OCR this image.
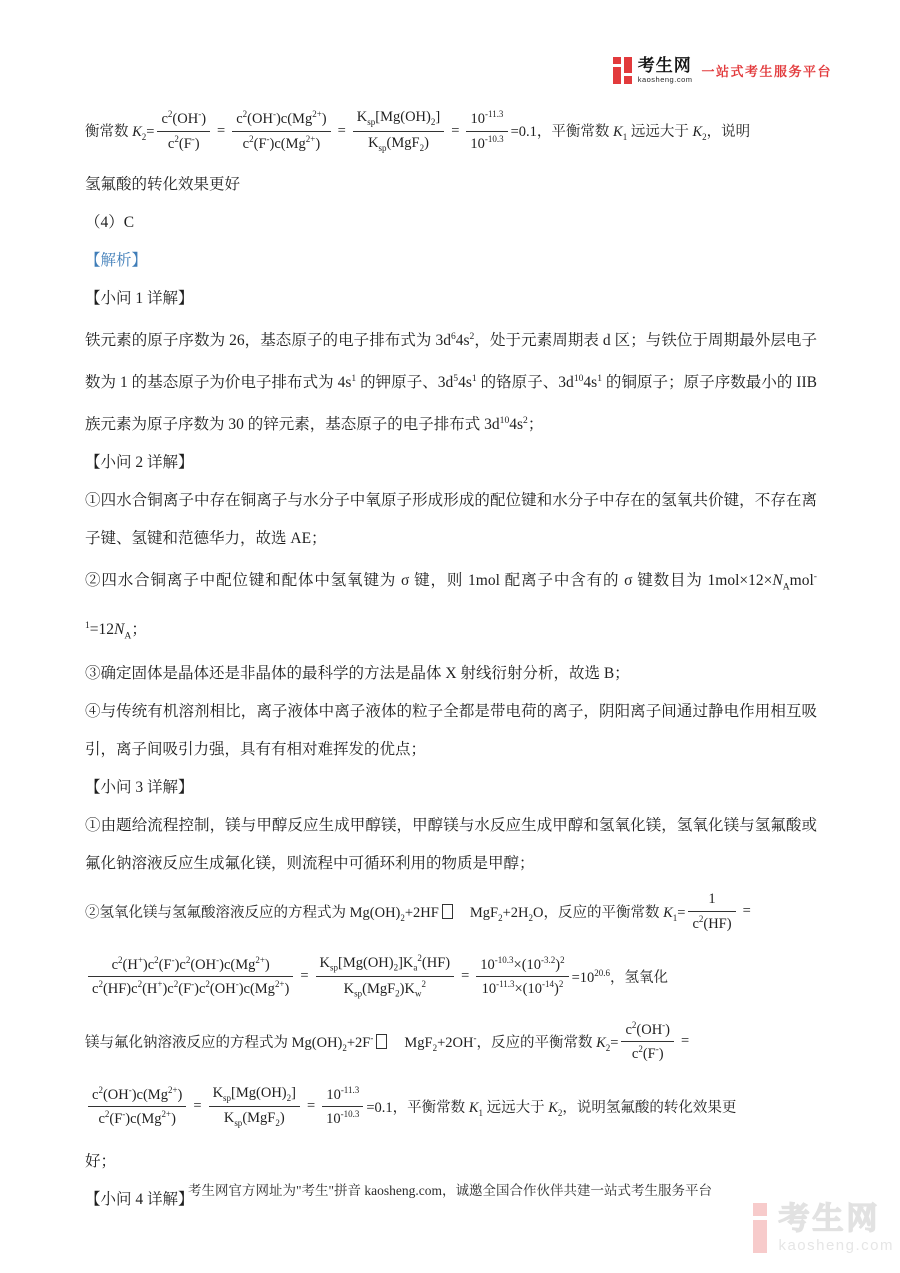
考生网
kaosheng.com
一站式考生服务平台
衡常数 $K_2= \frac{c^2(OH^-)}{c^2(F^-)} = \frac{c^2(OH^-)c(Mg^{2+})}{c^2(F^-)c(Mg^{2+})} = \frac{K_{sp}[Mg(OH)_2]}{K_{sp}(MgF_2)} = \frac{10^{-11.3}}{10^{-10.3}} =0.1$，平衡常数 $K_1$ 远远大于 $K_2$，说明

氢氟酸的转化效果更好

（4）C

【解析】

【小问 1 详解】

铁元素的原子序数为 26，基态原子的电子排布式为 $3d^64s^2$，处于元素周期表 d 区；与铁位于周期最外层电子数为 1 的基态原子为价电子排布式为 $4s^1$ 的钾原子、$3d^54s^1$ 的铬原子、$3d^{10}4s^1$ 的铜原子；原子序数最小的 IIB 族元素为原子序数为 30 的锌元素，基态原子的电子排布式 $3d^{10}4s^2$；

【小问 2 详解】

①四水合铜离子中存在铜离子与水分子中氧原子形成形成的配位键和水分子中存在的氢氧共价键，不存在离子键、氢键和范德华力，故选 AE；

②四水合铜离子中配位键和配体中氢氧键为 σ 键，则 1mol 配离子中含有的 σ 键数目为 $1mol\times 12\times N_Amol^{-1}=12N_A$；

③确定固体是晶体还是非晶体的最科学的方法是晶体 X 射线衍射分析，故选 B；

④与传统有机溶剂相比，离子液体中离子液体的粒子全都是带电荷的离子，阴阳离子间通过静电作用相互吸引，离子间吸引力强，具有有相对难挥发的优点；

【小问 3 详解】

①由题给流程控制，镁与甲醇反应生成甲醇镁，甲醇镁与水反应生成甲醇和氢氧化镁，氢氧化镁与氢氟酸或氟化钠溶液反应生成氟化镁，则流程中可循环利用的物质是甲醇；

②氢氧化镁与氢氟酸溶液反应的方程式为 $Mg(OH)_2+2HF$ $MgF_2+2H_2O$，反应的平衡常数 $K_1= \frac{1}{c^2(HF)}$ =
$\frac{c^2(H^+)c^2(F^-)c^2(OH^-)c(Mg^{2+})}{c^2(HF)c^2(H^+)c^2(F^-)c^2(OH^-)c(Mg^{2+})} = \frac{K_{sp}[Mg(OH)_2]K_a^2(HF)}{K_{sp}(MgF_2)K_w^2} = \frac{10^{-10.3}\times(10^{-3.2})^2}{10^{-11.3}\times(10^{-14})^2} =10^{20.6}$，氢氧化
镁与氟化钠溶液反应的方程式为 $Mg(OH)_2+2F^-$ MgF$_2$+2OH-，反应的平衡常数 $K_2= \frac{c^2(OH^-)}{c^2(F^-)}$ =
$\frac{c^2(OH^-)c(Mg^{2+})}{c^2(F^-)c(Mg^{2+})} = \frac{K_{sp}[Mg(OH)_2]}{K_{sp}(MgF_2)} = \frac{10^{-11.3}}{10^{-10.3}} =0.1$，平衡常数 $K_1$ 远远大于 $K_2$，说明氢氟酸的转化效果更

好；

【小问 4 详解】

考生网官方网址为"考生"拼音 kaosheng.com，诚邀全国合作伙伴共建一站式考生服务平台
考生网
kaosheng.com
